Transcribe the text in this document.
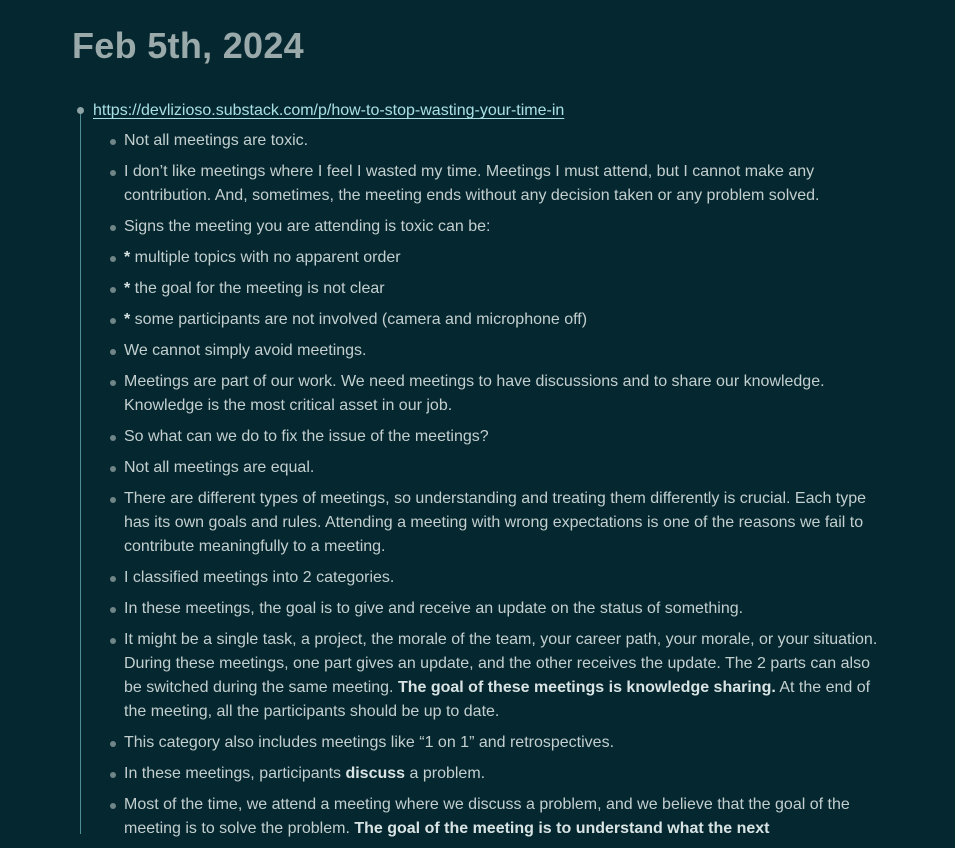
Feb 5th, 2024
https://devlizioso.substack.com/p/how-to-stop-wasting-your-time-in
Not all meetings are toxic.
I don’t like meetings where I feel I wasted my time. Meetings I must attend, but I cannot make any contribution. And, sometimes, the meeting ends without any decision taken or any problem solved.
Signs the meeting you are attending is toxic can be:
* multiple topics with no apparent order
* the goal for the meeting is not clear
* some participants are not involved (camera and microphone off)
We cannot simply avoid meetings.
Meetings are part of our work. We need meetings to have discussions and to share our knowledge. Knowledge is the most critical asset in our job.
So what can we do to fix the issue of the meetings?
Not all meetings are equal.
There are different types of meetings, so understanding and treating them differently is crucial. Each type has its own goals and rules. Attending a meeting with wrong expectations is one of the reasons we fail to contribute meaningfully to a meeting.
I classified meetings into 2 categories.
In these meetings, the goal is to give and receive an update on the status of something.
It might be a single task, a project, the morale of the team, your career path, your morale, or your situation. During these meetings, one part gives an update, and the other receives the update. The 2 parts can also be switched during the same meeting. The goal of these meetings is knowledge sharing. At the end of the meeting, all the participants should be up to date.
This category also includes meetings like “1 on 1” and retrospectives.
In these meetings, participants discuss a problem.
Most of the time, we attend a meeting where we discuss a problem, and we believe that the goal of the meeting is to solve the problem. The goal of the meeting is to understand what the next
